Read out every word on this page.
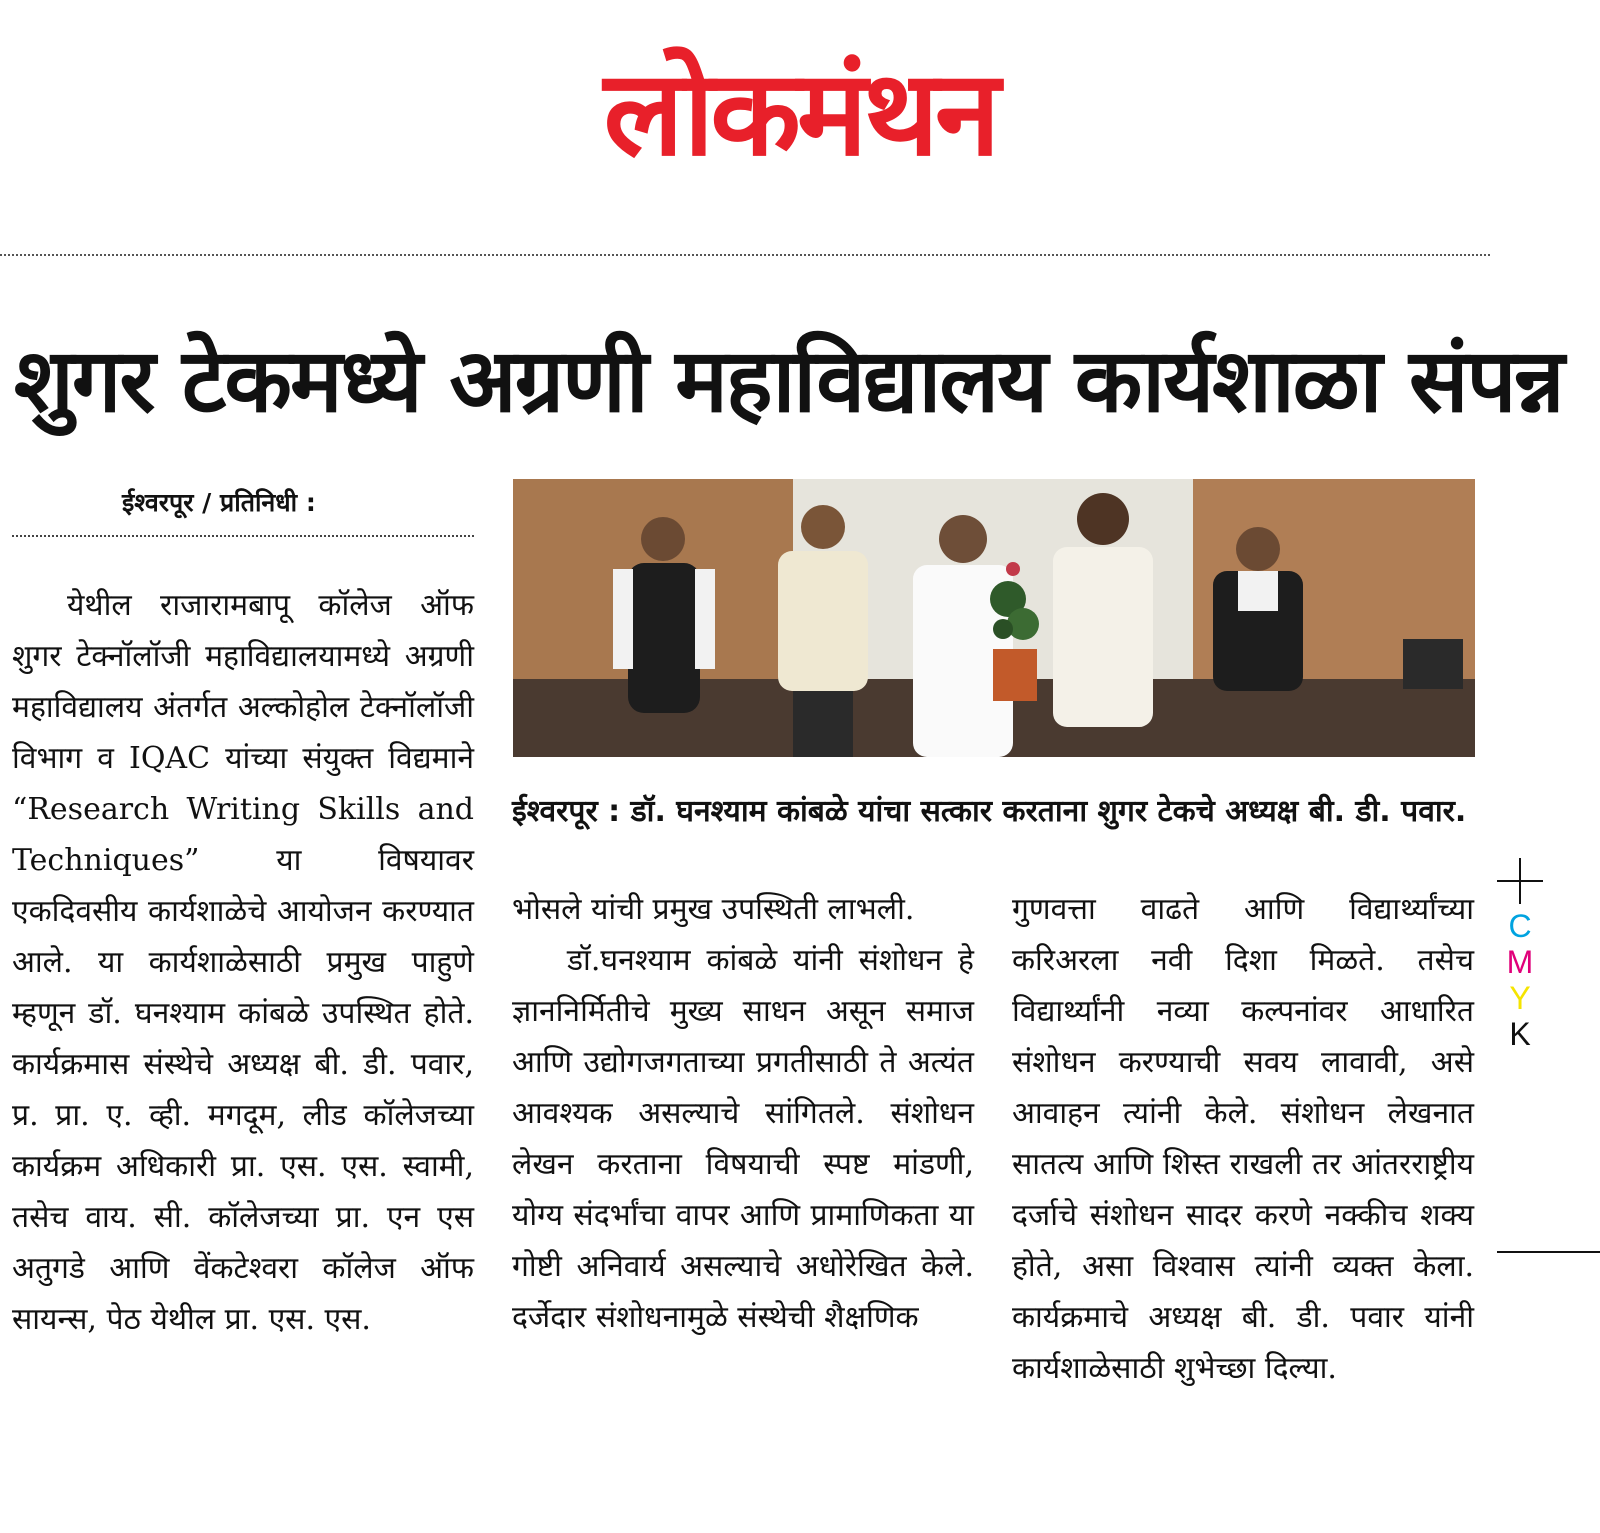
लोकमंथन
शुगर टेकमध्ये अग्रणी महाविद्यालय कार्यशाळा संपन्न
ईश्वरपूर / प्रतिनिधी :

येथील राजारामबापू कॉलेज ऑफ शुगर टेक्नॉलॉजी महाविद्यालयामध्ये अग्रणी महाविद्यालय अंतर्गत अल्कोहोल टेक्नॉलॉजी विभाग व IQAC यांच्या संयुक्त विद्यमाने “Research Writing Skills and Techniques” या विषयावर एकदिवसीय कार्यशाळेचे आयोजन करण्यात आले. या कार्यशाळेसाठी प्रमुख पाहुणे म्हणून डॉ. घनश्याम कांबळे उपस्थित होते. कार्यक्रमास संस्थेचे अध्यक्ष बी. डी. पवार, प्र. प्रा. ए. व्ही. मगदूम, लीड कॉलेजच्या कार्यक्रम अधिकारी प्रा. एस. एस. स्वामी, तसेच वाय. सी. कॉलेजच्या प्रा. एन एस अतुगडे आणि वेंकटेश्वरा कॉलेज ऑफ सायन्स, पेठ येथील प्रा. एस. एस.

ईश्वरपूर : डॉ. घनश्याम कांबळे यांचा सत्कार करताना शुगर टेकचे अध्यक्ष बी. डी. पवार.

भोसले यांची प्रमुख उपस्थिती लाभली.

डॉ.घनश्याम कांबळे यांनी संशोधन हे ज्ञाननिर्मितीचे मुख्य साधन असून समाज आणि उद्योगजगताच्या प्रगतीसाठी ते अत्यंत आवश्यक असल्याचे सांगितले. संशोधन लेखन करताना विषयाची स्पष्ट मांडणी, योग्य संदर्भांचा वापर आणि प्रामाणिकता या गोष्टी अनिवार्य असल्याचे अधोरेखित केले. दर्जेदार संशोधनामुळे संस्थेची शैक्षणिक

गुणवत्ता वाढते आणि विद्यार्थ्यांच्या करिअरला नवी दिशा मिळते. तसेच विद्यार्थ्यांनी नव्या कल्पनांवर आधारित संशोधन करण्याची सवय लावावी, असे आवाहन त्यांनी केले. संशोधन लेखनात सातत्य आणि शिस्त राखली तर आंतरराष्ट्रीय दर्जाचे संशोधन सादर करणे नक्कीच शक्य होते, असा विश्वास त्यांनी व्यक्त केला. कार्यक्रमाचे अध्यक्ष बी. डी. पवार यांनी कार्यशाळेसाठी शुभेच्छा दिल्या.

C
M
Y
K
